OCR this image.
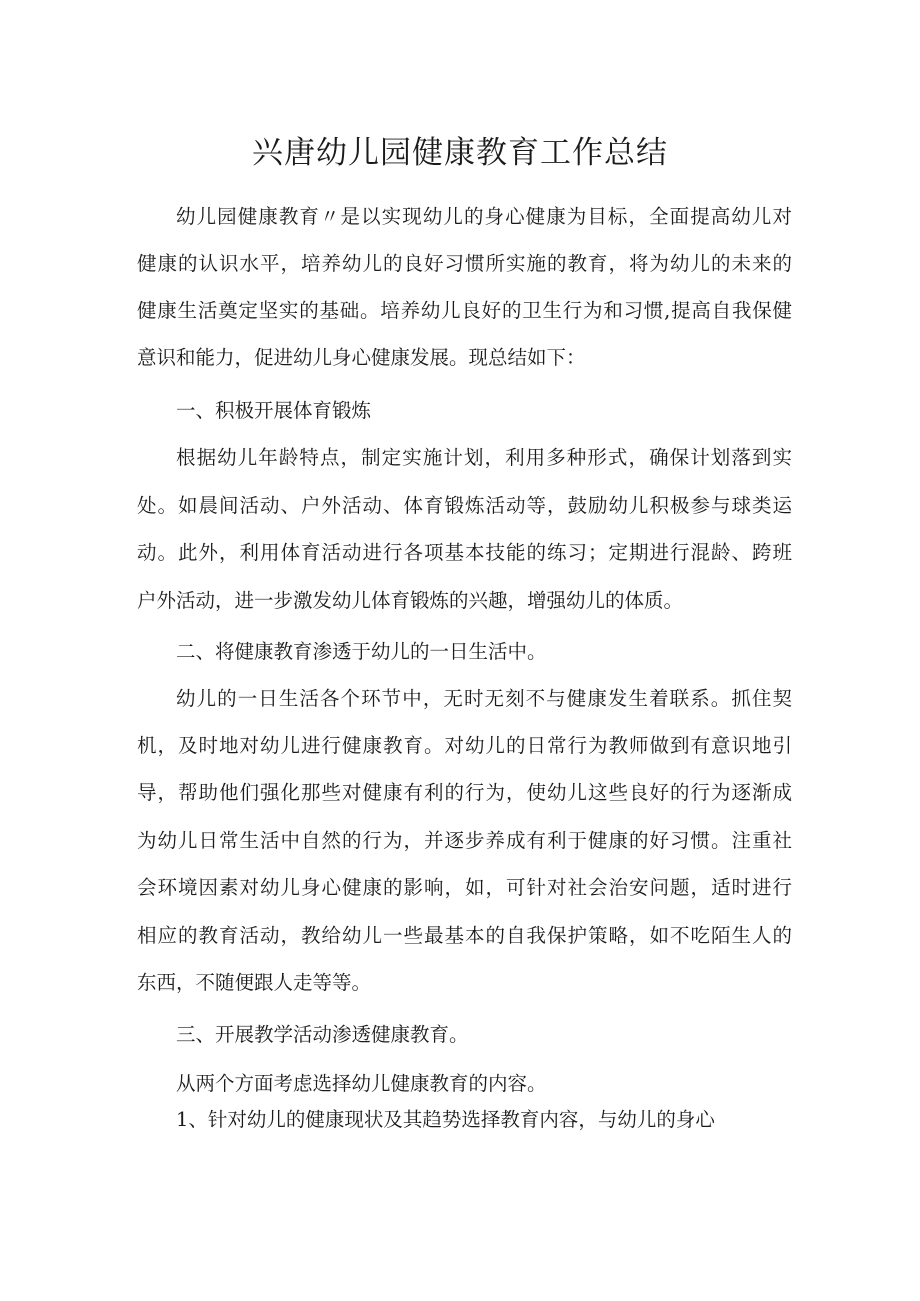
兴唐幼儿园健康教育工作总结

幼儿园健康教育〃是以实现幼儿的身心健康为目标，全面提高幼儿对

健康的认识水平，培养幼儿的良好习惯所实施的教育，将为幼儿的未来的

健康生活奠定坚实的基础。培养幼儿良好的卫生行为和习惯,提高自我保健

意识和能力，促进幼儿身心健康发展。现总结如下：

一、积极开展体育锻炼

根据幼儿年龄特点，制定实施计划，利用多种形式，确保计划落到实

处。如晨间活动、户外活动、体育锻炼活动等，鼓励幼儿积极参与球类运

动。此外，利用体育活动进行各项基本技能的练习；定期进行混龄、跨班

户外活动，进一步激发幼儿体育锻炼的兴趣，增强幼儿的体质。

二、将健康教育渗透于幼儿的一日生活中。

幼儿的一日生活各个环节中，无时无刻不与健康发生着联系。抓住契

机，及时地对幼儿进行健康教育。对幼儿的日常行为教师做到有意识地引

导，帮助他们强化那些对健康有利的行为，使幼儿这些良好的行为逐渐成

为幼儿日常生活中自然的行为，并逐步养成有利于健康的好习惯。注重社

会环境因素对幼儿身心健康的影响，如，可针对社会治安问题，适时进行

相应的教育活动，教给幼儿一些最基本的自我保护策略，如不吃陌生人的

东西，不随便跟人走等等。

三、开展教学活动渗透健康教育。

从两个方面考虑选择幼儿健康教育的内容。

1、针对幼儿的健康现状及其趋势选择教育内容，与幼儿的身心
